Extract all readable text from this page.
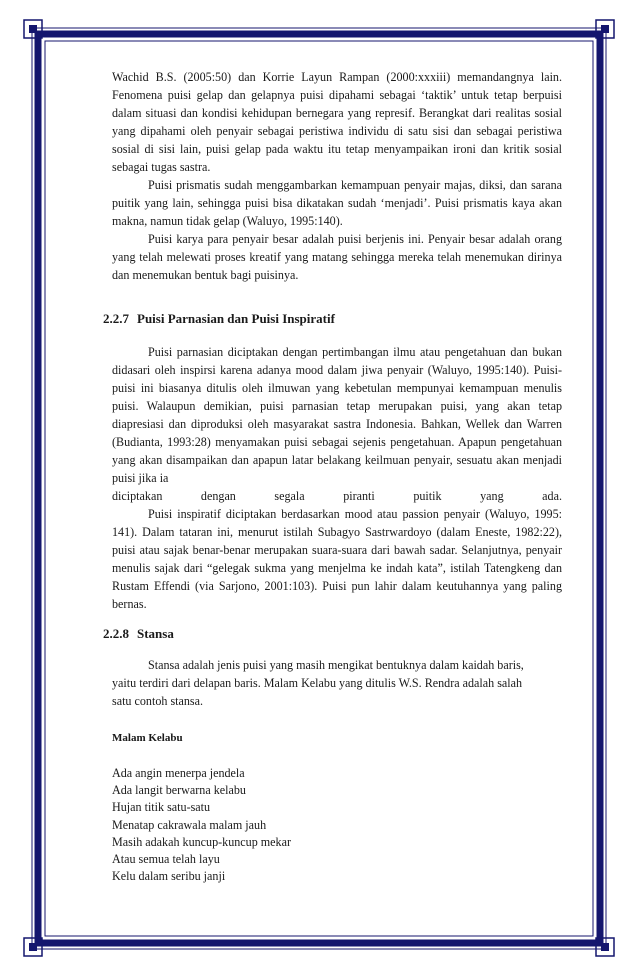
Wachid B.S. (2005:50) dan Korrie Layun Rampan (2000:xxxiii) memandangnya lain. Fenomena puisi gelap dan gelapnya puisi dipahami sebagai ‘taktik’ untuk tetap berpuisi dalam situasi dan kondisi kehidupan bernegara yang represif. Berangkat dari realitas sosial yang dipahami oleh penyair sebagai peristiwa individu di satu sisi dan sebagai peristiwa sosial di sisi lain, puisi gelap pada waktu itu tetap menyampaikan ironi dan kritik sosial sebagai tugas sastra.

Puisi prismatis sudah menggambarkan kemampuan penyair majas, diksi, dan sarana puitik yang lain, sehingga puisi bisa dikatakan sudah ‘menjadi’. Puisi prismatis kaya akan makna, namun tidak gelap (Waluyo, 1995:140).

Puisi karya para penyair besar adalah puisi berjenis ini. Penyair besar adalah orang yang telah melewati proses kreatif yang matang sehingga mereka telah menemukan dirinya dan menemukan bentuk bagi puisinya.

2.2.7 Puisi Parnasian dan Puisi Inspiratif

Puisi parnasian diciptakan dengan pertimbangan ilmu atau pengetahuan dan bukan didasari oleh inspirsi karena adanya mood dalam jiwa penyair (Waluyo, 1995:140). Puisi-puisi ini biasanya ditulis oleh ilmuwan yang kebetulan mempunyai kemampuan menulis puisi. Walaupun demikian, puisi parnasian tetap merupakan puisi, yang akan tetap diapresiasi dan diproduksi oleh masyarakat sastra Indonesia. Bahkan, Wellek dan Warren (Budianta, 1993:28) menyamakan puisi sebagai sejenis pengetahuan. Apapun pengetahuan yang akan disampaikan dan apapun latar belakang keilmuan penyair, sesuatu akan menjadi puisi jika ia

diciptakan dengan segala piranti puitik yang ada.

Puisi inspiratif diciptakan berdasarkan mood atau passion penyair (Waluyo, 1995: 141). Dalam tataran ini, menurut istilah Subagyo Sastrwardoyo (dalam Eneste, 1982:22), puisi atau sajak benar-benar merupakan suara-suara dari bawah sadar. Selanjutnya, penyair menulis sajak dari “gelegak sukma yang menjelma ke indah kata”, istilah Tatengkeng dan Rustam Effendi (via Sarjono, 2001:103). Puisi pun lahir dalam keutuhannya yang paling bernas.

2.2.8 Stansa

Stansa adalah jenis puisi yang masih mengikat bentuknya dalam kaidah baris, yaitu terdiri dari delapan baris. Malam Kelabu yang ditulis W.S. Rendra adalah salah satu contoh stansa.

Malam Kelabu

Ada angin menerpa jendela

Ada langit berwarna kelabu

Hujan titik satu-satu

Menatap cakrawala malam jauh

Masih adakah kuncup-kuncup mekar

Atau semua telah layu

Kelu dalam seribu janji
